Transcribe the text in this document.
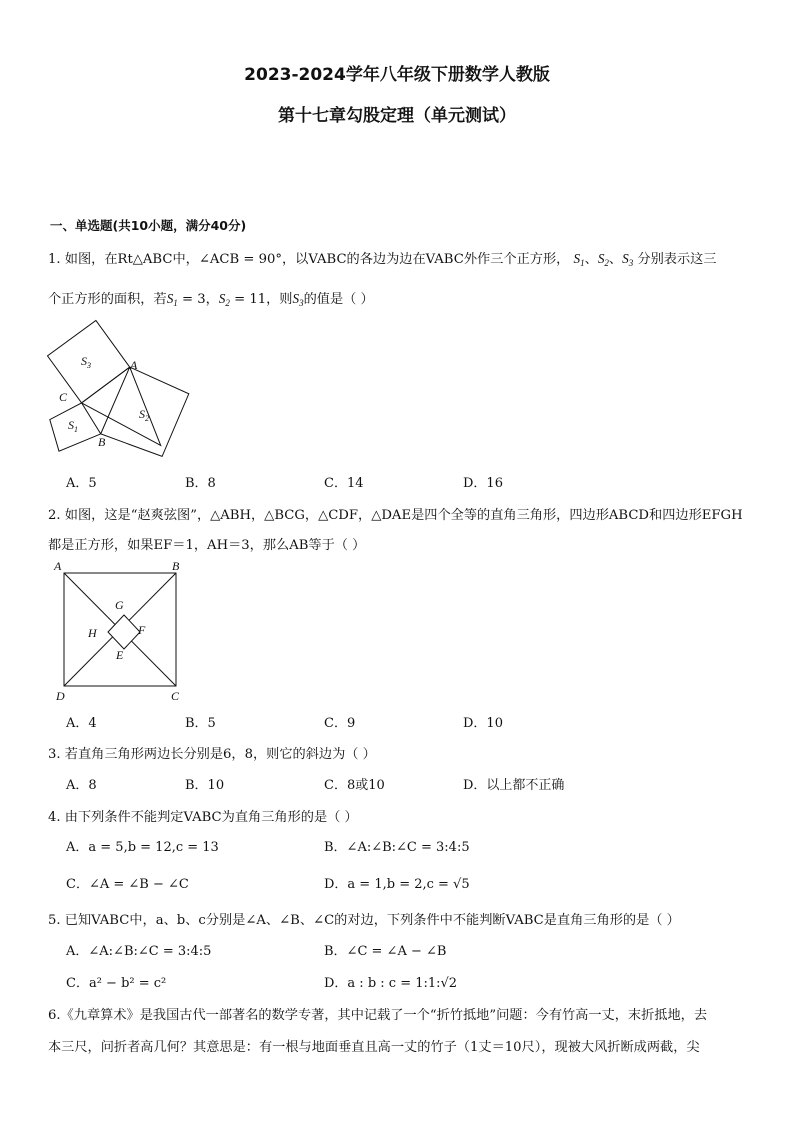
2023-2024学年八年级下册数学人教版
第十七章勾股定理（单元测试）
一、单选题(共10小题，满分40分)
1. 如图，在Rt△ABC中，∠ACB = 90°，以VABC的各边为边在VABC外作三个正方形， $S_1$、$S_2$、$S_3$ 分别表示这三
个正方形的面积，若$S_1 = 3$，$S_2 = 11$，则$S_3$的值是（ ）
$S_3$
$S_1$
$S_2$
A
C
B
A．5	B．8	C．14	D．16
2. 如图，这是“赵爽弦图”，△ABH，△BCG，△CDF，△DAE是四个全等的直角三角形，四边形ABCD和四边形EFGH
都是正方形，如果EF＝1，AH＝3，那么AB等于（ ）
A	B
C
D
G
H	F
E
A．4	B．5	C．9	D．10
3. 若直角三角形两边长分别是6，8，则它的斜边为（ ）
A．8	B．10	C．8或10	D．以上都不正确
4. 由下列条件不能判定VABC为直角三角形的是（ ）
A．a = 5,b = 12,c = 13	B．∠A:∠B:∠C = 3:4:5
C．∠A = ∠B − ∠C	D．a = 1,b = 2,c = √5
5. 已知VABC中，a、b、c分别是∠A、∠B、∠C的对边，下列条件中不能判断VABC是直角三角形的是（ ）
A．∠A:∠B:∠C = 3:4:5	B．∠C = ∠A − ∠B
C．a² − b² = c²	D．a : b : c = 1:1:√2
6.《九章算术》是我国古代一部著名的数学专著，其中记载了一个“折竹抵地”问题：今有竹高一丈，末折抵地，去
本三尺，问折者高几何？其意思是：有一根与地面垂直且高一丈的竹子（1丈＝10尺），现被大风折断成两截，尖
